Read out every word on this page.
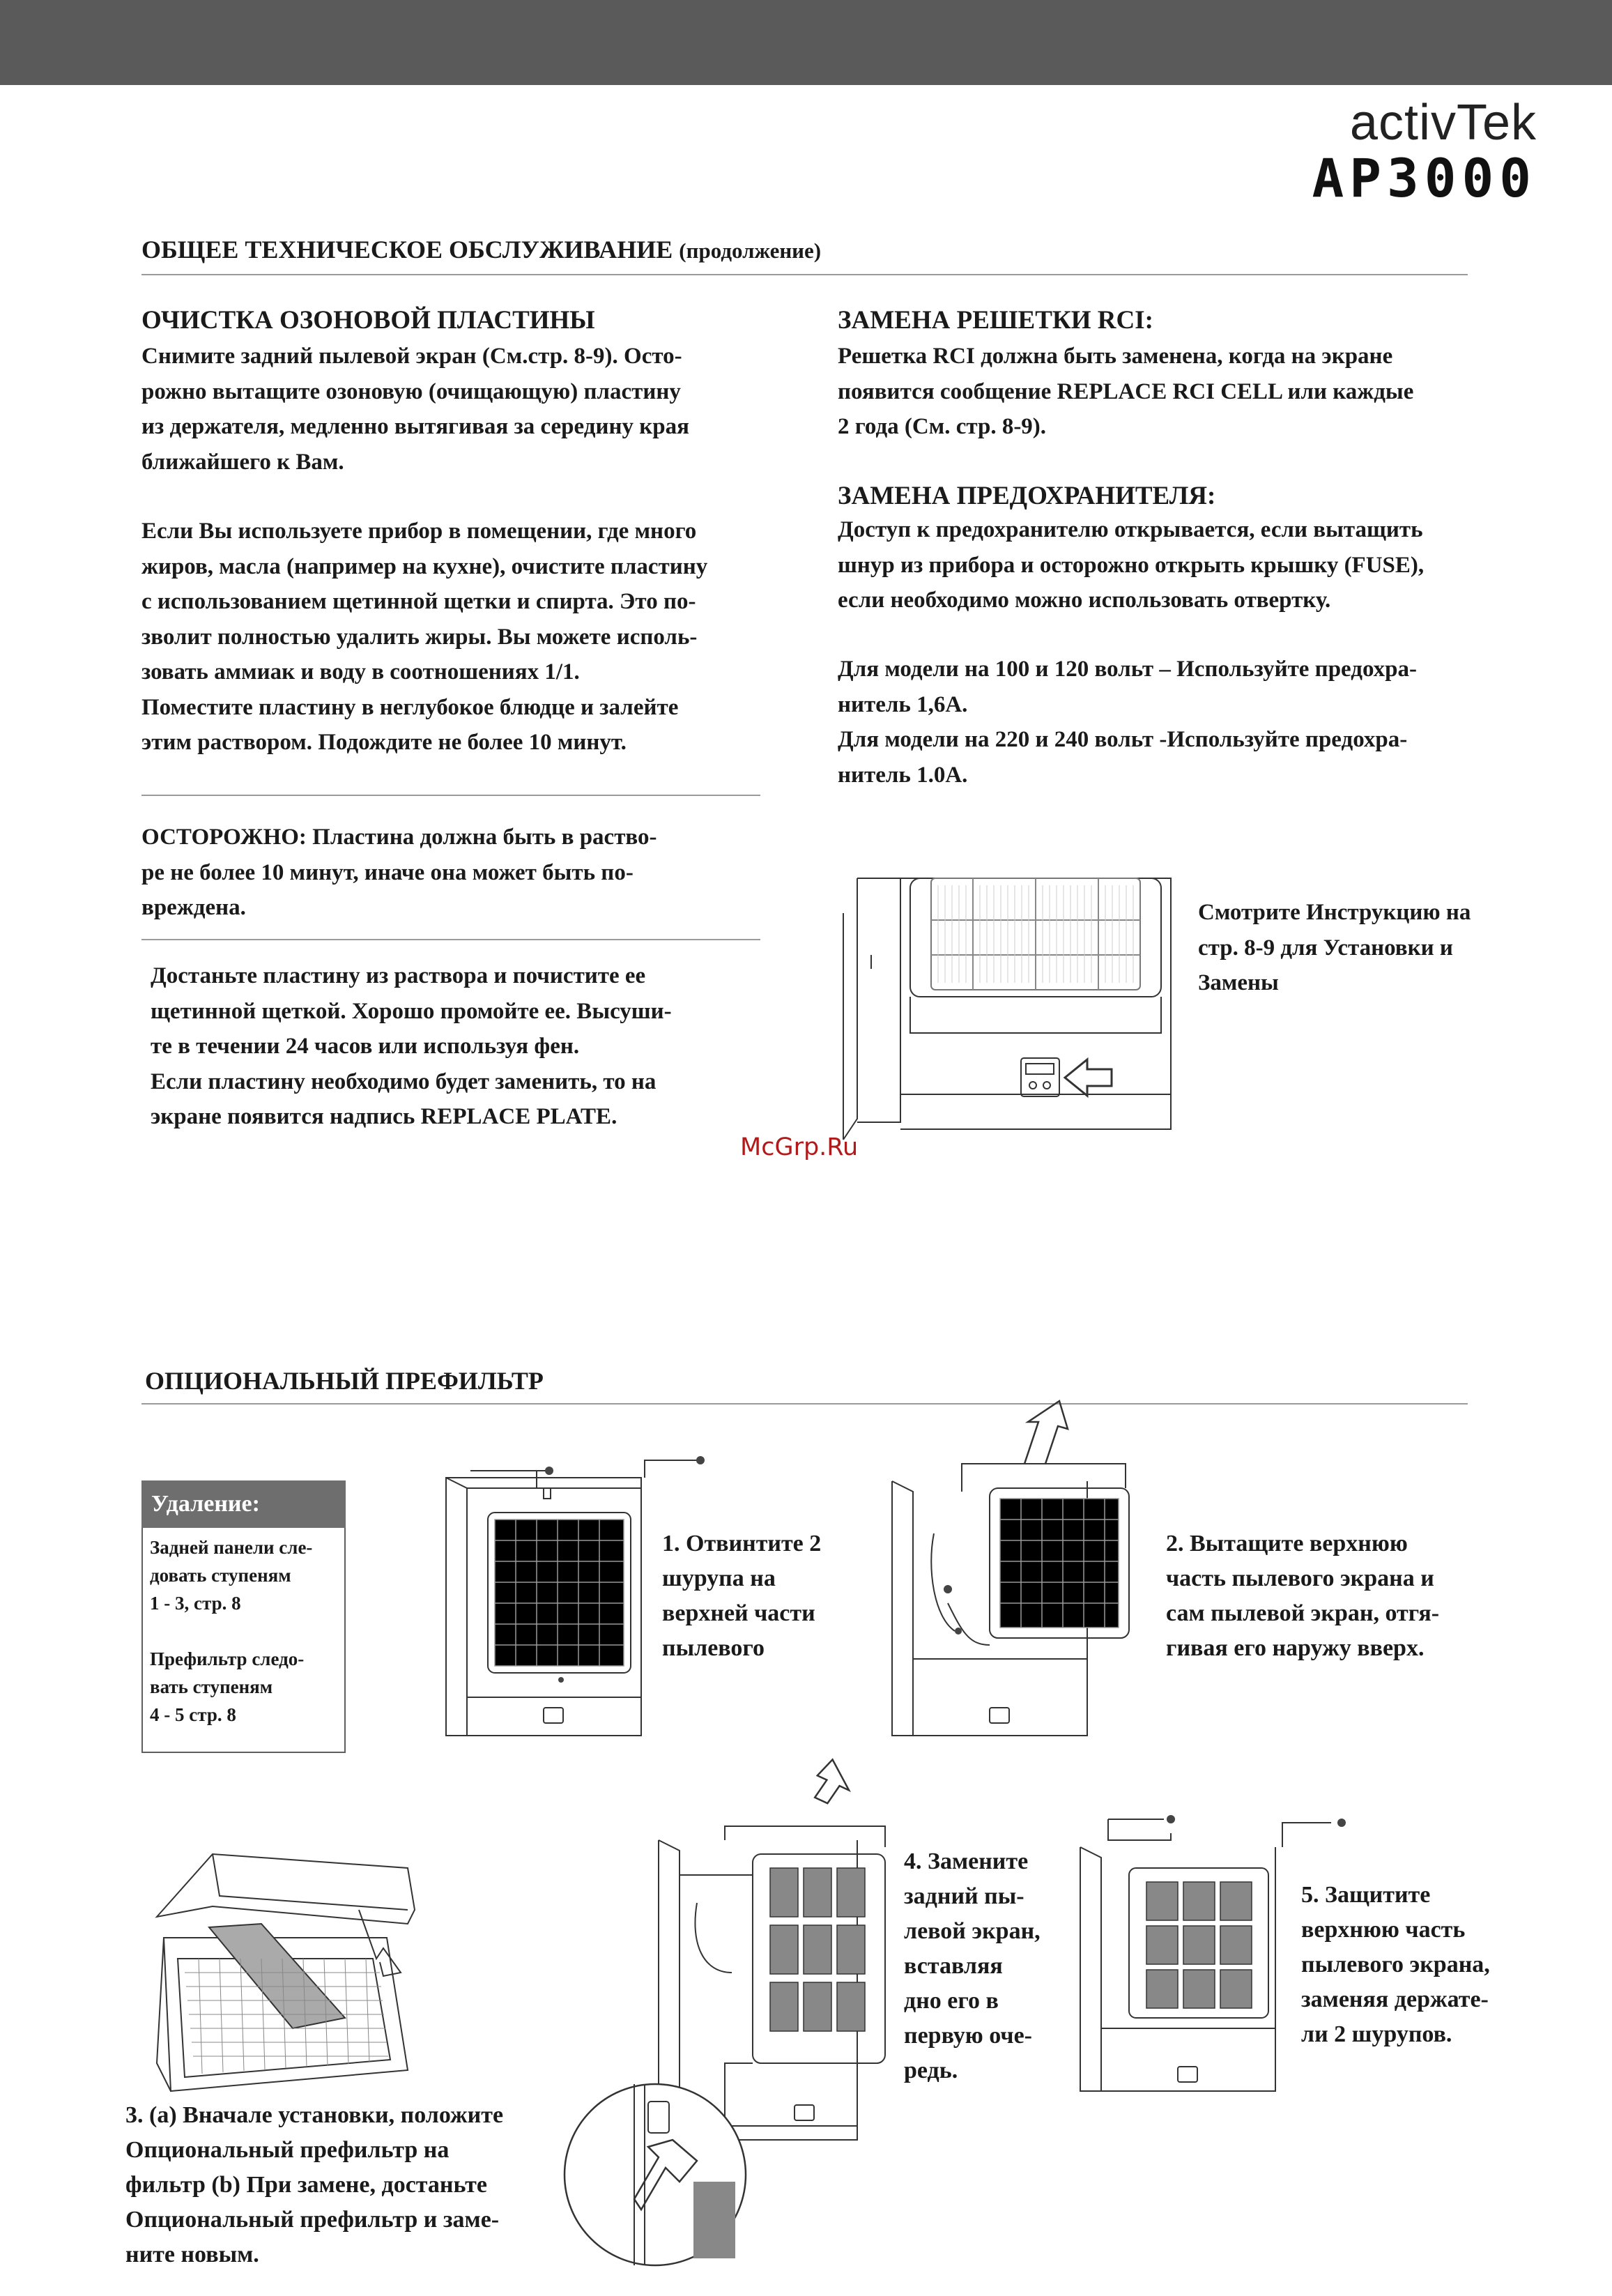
activTek
AP3000
ОБЩЕЕ ТЕХНИЧЕСКОЕ ОБСЛУЖИВАНИЕ (продолжение)
ОЧИСТКА ОЗОНОВОЙ ПЛАСТИНЫ
Снимите задний пылевой экран (См.стр. 8-9). Осто-
рожно вытащите озоновую (очищающую) пластину
из держателя, медленно вытягивая за середину края
ближайшего к Вам.
Если Вы используете прибор в помещении, где много
жиров, масла (например на кухне), очистите пластину
с использованием щетинной щетки и спирта. Это по-
зволит полностью удалить жиры. Вы можете исполь-
зовать аммиак и воду в соотношениях 1/1.
Поместите пластину в неглубокое блюдце и залейте
этим раствором. Подождите не более 10 минут.
ОСТОРОЖНО: Пластина должна быть в раство-
ре не более 10 минут, иначе она может быть по-
вреждена.
Достаньте пластину из раствора и почистите ее
щетинной щеткой. Хорошо промойте ее. Высуши-
те в течении 24 часов или используя фен.
Если пластину необходимо будет заменить, то на
экране появится надпись REPLACE PLATE.
ЗАМЕНА РЕШЕТКИ RCI:
Решетка RCI должна быть заменена, когда на экране
появится сообщение REPLACE RCI CELL или каждые
2 года (См. стр. 8-9).
ЗАМЕНА ПРЕДОХРАНИТЕЛЯ:
Доступ к предохранителю открывается, если вытащить
шнур из прибора и осторожно открыть крышку (FUSE),
если необходимо можно использовать отвертку.
Для модели на 100 и 120 вольт – Используйте предохра-
нитель 1,6А.
Для модели на 220 и 240 вольт -Используйте предохра-
нитель 1.0А.
Смотрите Инструкцию на
стр. 8-9 для Установки и
Замены
McGrp.Ru
ОПЦИОНАЛЬНЫЙ ПРЕФИЛЬТР
Удаление:
Задней панели сле-
довать ступеням
1 - 3, стр. 8
Префильтр следо-
вать ступеням
4 - 5 стр. 8
1. Отвинтите 2
шурупа на
верхней части
пылевого
2. Вытащите верхнюю
часть пылевого экрана и
сам пылевой экран, отгя-
гивая его наружу вверх.
3. (а) Вначале установки, положите
Опциональный префильтр на
фильтр (b) При замене, достаньте
Опциональный префильтр и заме-
ните новым.
4. Замените
задний пы-
левой экран,
вставляя
дно его в
первую оче-
редь.
5. Защитите
верхнюю часть
пылевого экрана,
заменяя держате-
ли 2 шурупов.
